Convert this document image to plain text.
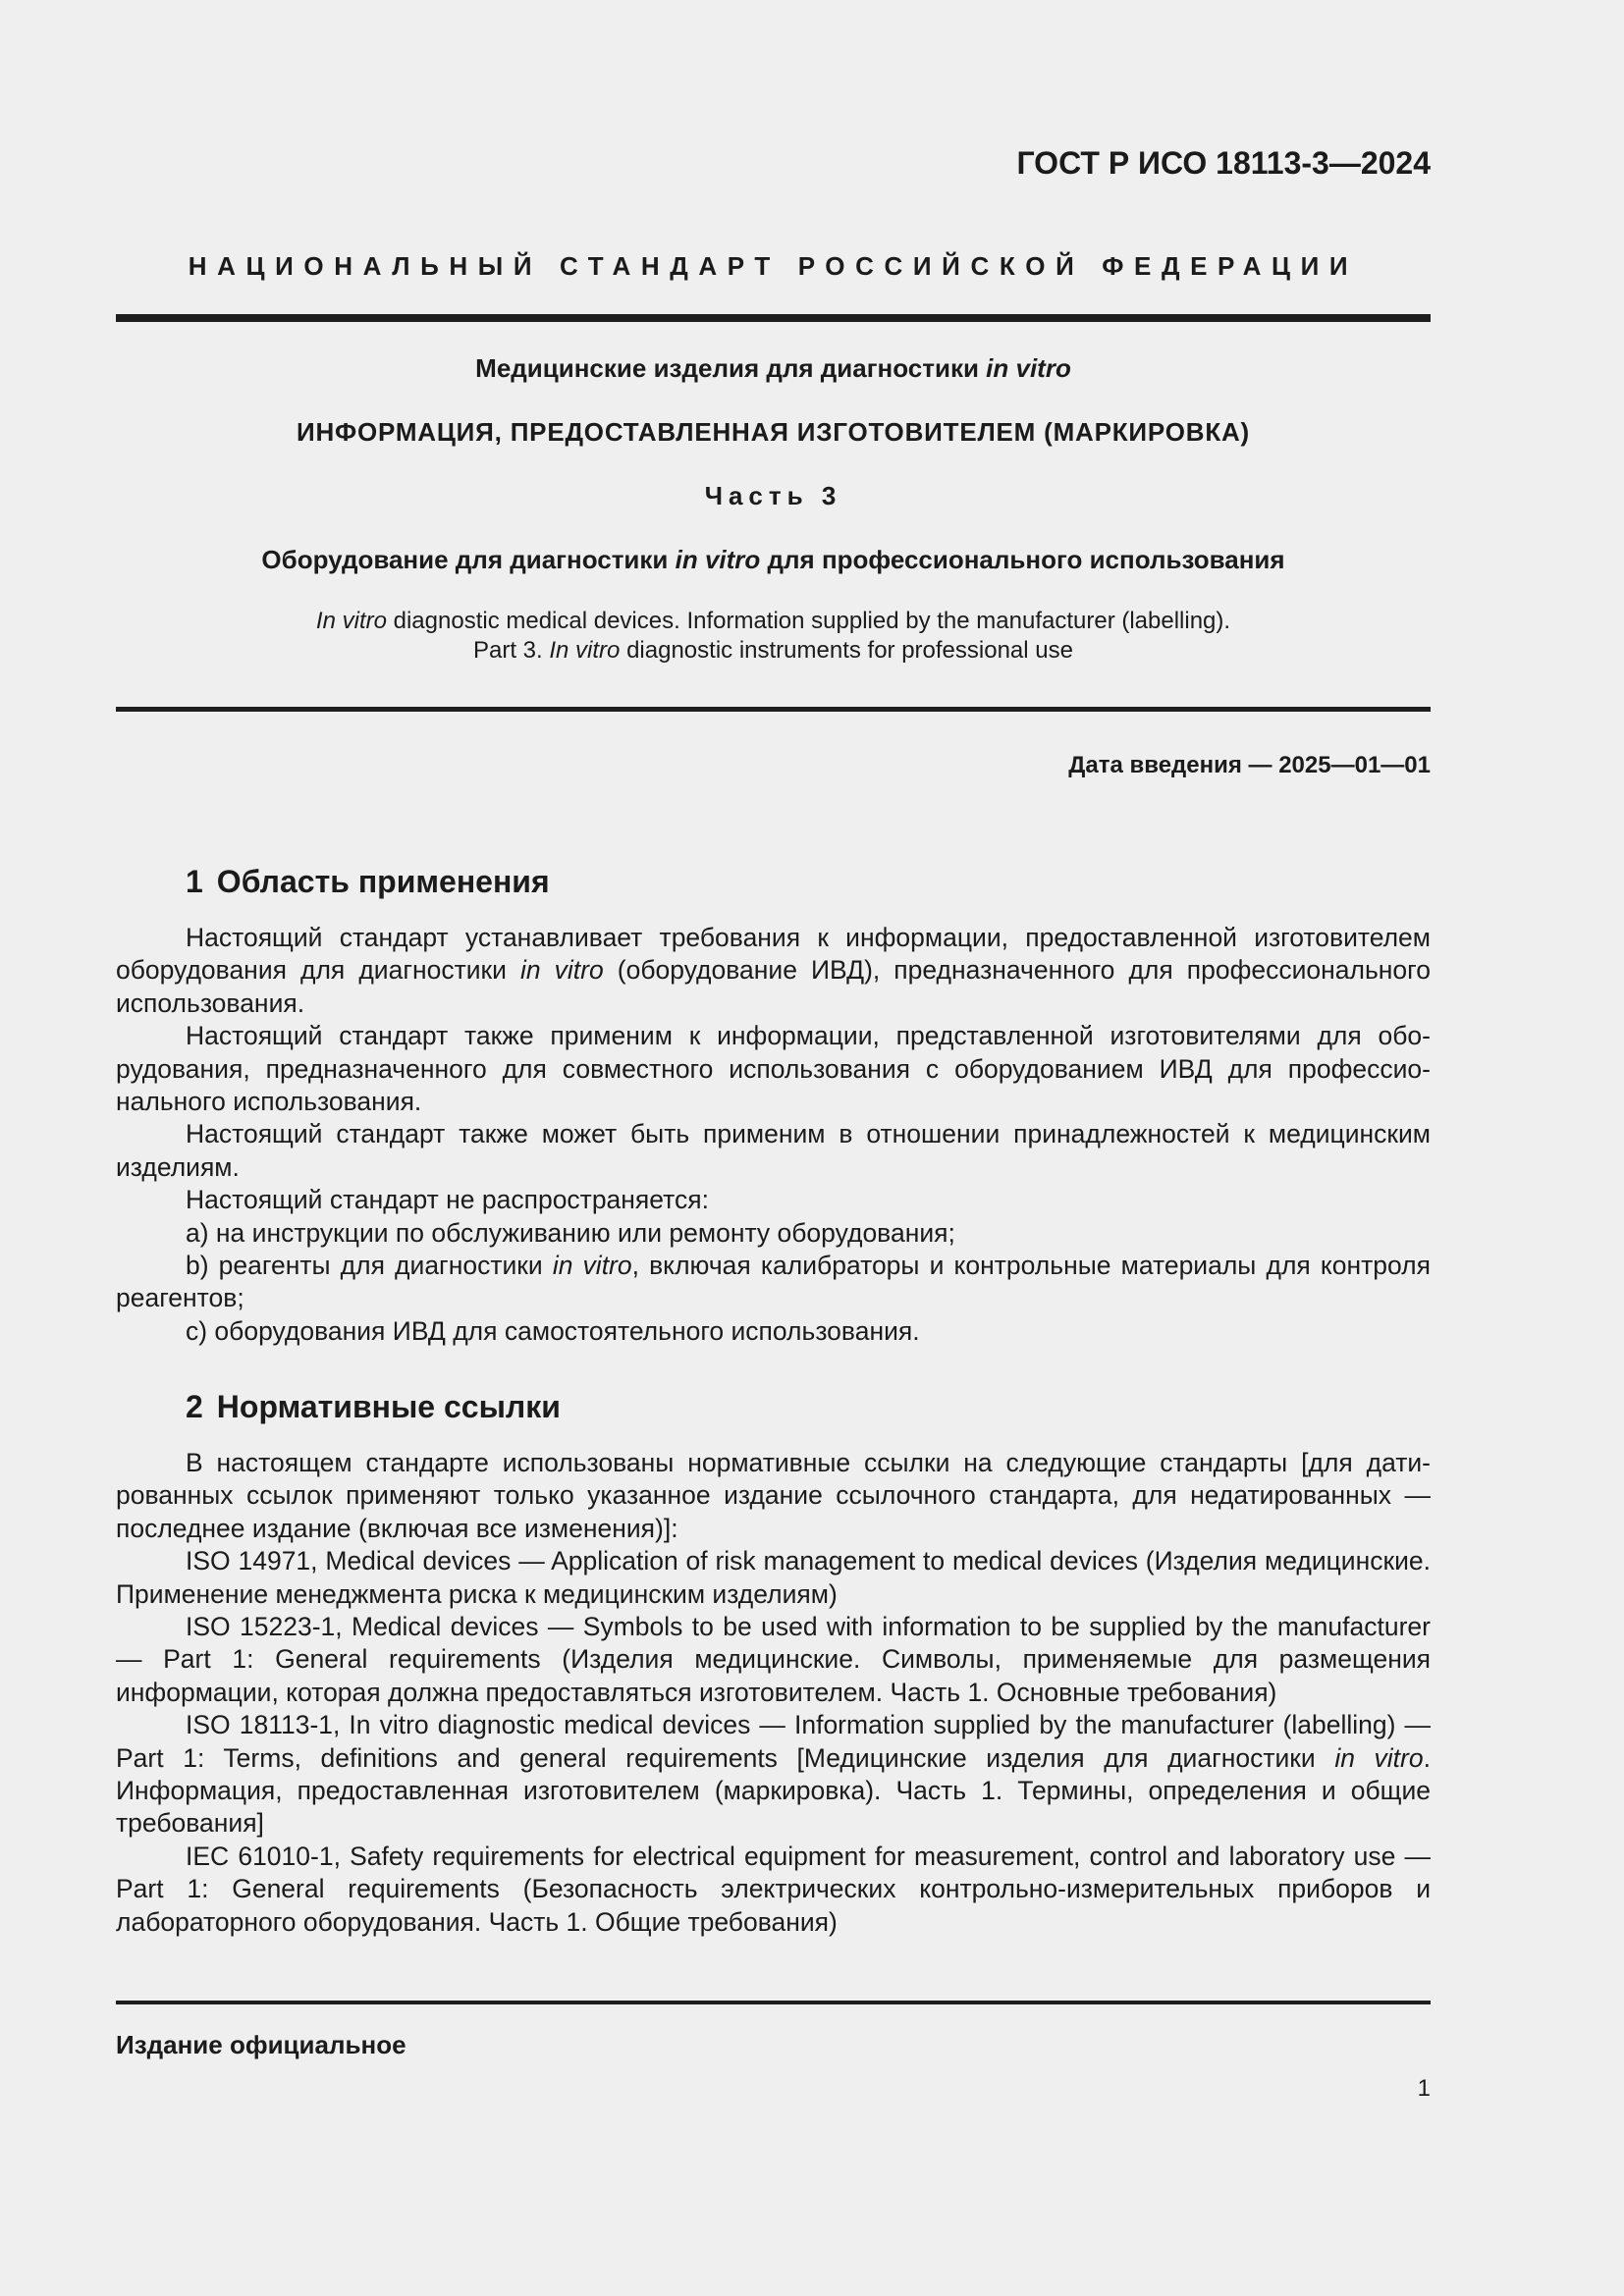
ГОСТ Р ИСО 18113-3—2024
НАЦИОНАЛЬНЫЙ СТАНДАРТ РОССИЙСКОЙ ФЕДЕРАЦИИ
Медицинские изделия для диагностики in vitro
ИНФОРМАЦИЯ, ПРЕДОСТАВЛЕННАЯ ИЗГОТОВИТЕЛЕМ (МАРКИРОВКА)
Часть 3
Оборудование для диагностики in vitro для профессионального использования
In vitro diagnostic medical devices. Information supplied by the manufacturer (labelling).
Part 3. In vitro diagnostic instruments for professional use
Дата введения — 2025—01—01
1 Область применения

Настоящий стандарт устанавливает требования к информации, предоставленной изготовителем оборудования для диагностики in vitro (оборудование ИВД), предназначенного для профессионального использования.

Настоящий стандарт также применим к информации, представленной изготовителями для оборудования, предназначенного для совместного использования с оборудованием ИВД для профессионального использования.

Настоящий стандарт также может быть применим в отношении принадлежностей к медицинским изделиям.

Настоящий стандарт не распространяется:

a) на инструкции по обслуживанию или ремонту оборудования;

b) реагенты для диагностики in vitro, включая калибраторы и контрольные материалы для контроля реагентов;

c) оборудования ИВД для самостоятельного использования.

2 Нормативные ссылки

В настоящем стандарте использованы нормативные ссылки на следующие стандарты [для датированных ссылок применяют только указанное издание ссылочного стандарта, для недатированных — последнее издание (включая все изменения)]:

ISO 14971, Medical devices — Application of risk management to medical devices (Изделия медицинские. Применение менеджмента риска к медицинским изделиям)

ISO 15223-1, Medical devices — Symbols to be used with information to be supplied by the manufacturer — Part 1: General requirements (Изделия медицинские. Символы, применяемые для размещения информации, которая должна предоставляться изготовителем. Часть 1. Основные требования)

ISO 18113-1, In vitro diagnostic medical devices — Information supplied by the manufacturer (labelling) — Part 1: Terms, definitions and general requirements [Медицинские изделия для диагностики in vitro. Информация, предоставленная изготовителем (маркировка). Часть 1. Термины, определения и общие требования]

IEC 61010-1, Safety requirements for electrical equipment for measurement, control and laboratory use — Part 1: General requirements (Безопасность электрических контрольно-измерительных приборов и лабораторного оборудования. Часть 1. Общие требования)

Издание официальное
1
